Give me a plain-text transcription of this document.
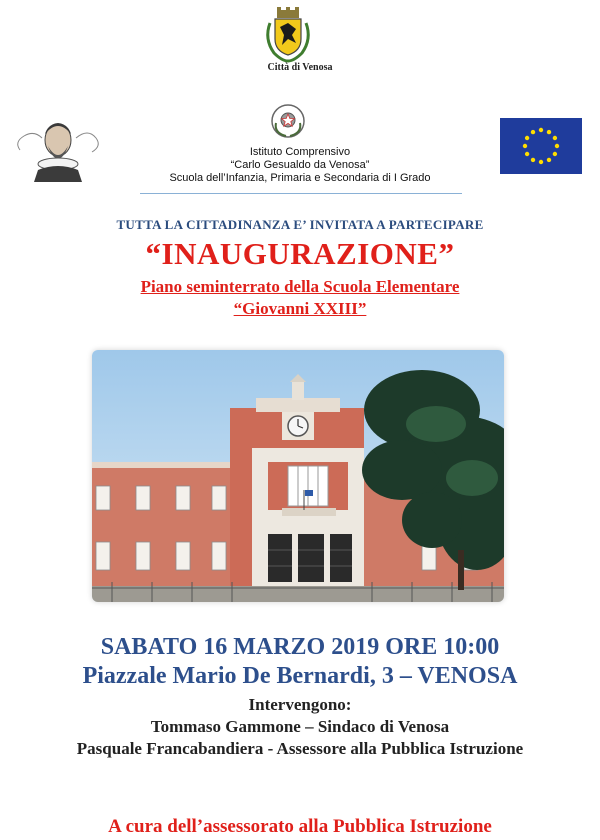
Città di Venosa
Istituto Comprensivo
“Carlo Gesualdo da Venosa”
Scuola dell’Infanzia, Primaria e Secondaria di I Grado
TUTTA LA CITTADINANZA E’ INVITATA A PARTECIPARE
“INAUGURAZIONE”
Piano seminterrato della Scuola Elementare
“Giovanni XXIII”
SABATO 16 MARZO 2019 ORE 10:00
Piazzale Mario De Bernardi, 3 – VENOSA
Intervengono:
Tommaso Gammone – Sindaco di Venosa
Pasquale Francabandiera - Assessore alla Pubblica Istruzione
A cura dell’assessorato alla Pubblica Istruzione
